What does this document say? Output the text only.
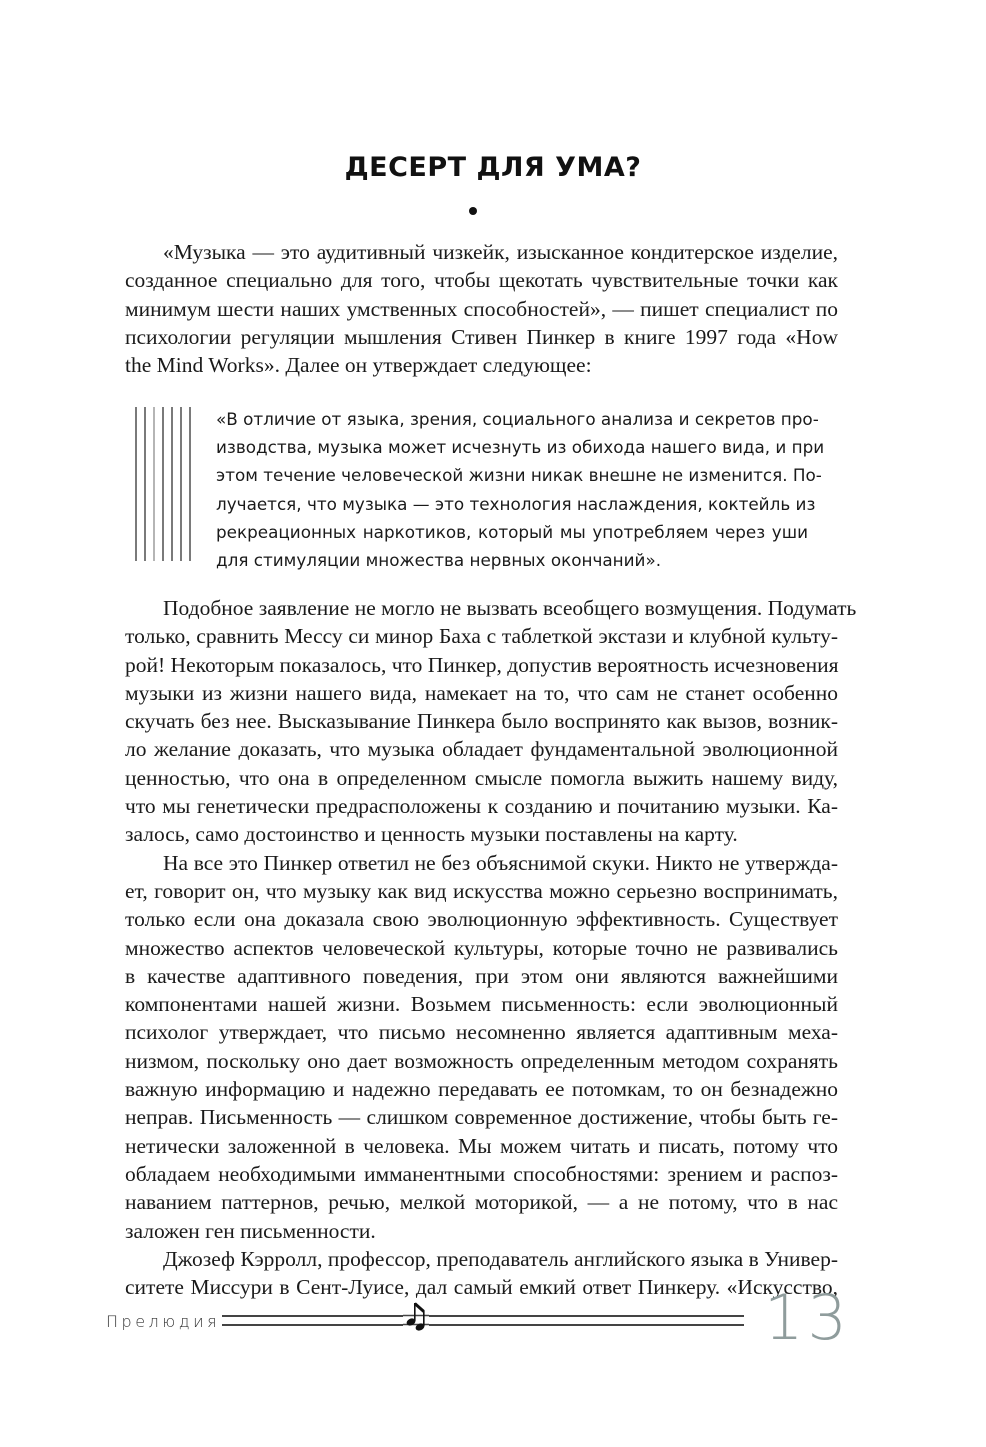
ДЕСЕРТ ДЛЯ УМА?
«Музыка — это аудитивный чизкейк, изысканное кондитерское изделие,
созданное специально для того, чтобы щекотать чувствительные точки как
минимум шести наших умственных способностей», — пишет специалист по
психологии регуляции мышления Стивен Пинкер в книге 1997 года «How
the Mind Works». Далее он утверждает следующее:
«В отличие от языка, зрения, социального анализа и секретов про-
изводства, музыка может исчезнуть из обихода нашего вида, и при
этом течение человеческой жизни никак внешне не изменится. По-
лучается, что музыка — это технология наслаждения, коктейль из
рекреационных наркотиков, который мы употребляем через уши
для стимуляции множества нервных окончаний».
Подобное заявление не могло не вызвать всеобщего возмущения. Подумать
только, сравнить Мессу си минор Баха с таблеткой экстази и клубной культу-
рой! Некоторым показалось, что Пинкер, допустив вероятность исчезновения
музыки из жизни нашего вида, намекает на то, что сам не станет особенно
скучать без нее. Высказывание Пинкера было воспринято как вызов, возник-
ло желание доказать, что музыка обладает фундаментальной эволюционной
ценностью, что она в определенном смысле помогла выжить нашему виду,
что мы генетически предрасположены к созданию и почитанию музыки. Ка-
залось, само достоинство и ценность музыки поставлены на карту.
На все это Пинкер ответил не без объяснимой скуки. Никто не утвержда-
ет, говорит он, что музыку как вид искусства можно серьезно воспринимать,
только если она доказала свою эволюционную эффективность. Существует
множество аспектов человеческой культуры, которые точно не развивались
в качестве адаптивного поведения, при этом они являются важнейшими
компонентами нашей жизни. Возьмем письменность: если эволюционный
психолог утверждает, что письмо несомненно является адаптивным меха-
низмом, поскольку оно дает возможность определенным методом сохранять
важную информацию и надежно передавать ее потомкам, то он безнадежно
неправ. Письменность — слишком современное достижение, чтобы быть ге-
нетически заложенной в человека. Мы можем читать и писать, потому что
обладаем необходимыми имманентными способностями: зрением и распоз-
наванием паттернов, речью, мелкой моторикой, — а не потому, что в нас
заложен ген письменности.
Джозеф Кэрролл, профессор, преподаватель английского языка в Универ-
ситете Миссури в Сент-Луисе, дал самый емкий ответ Пинкеру. «Искусство,
Прелюдия	13
